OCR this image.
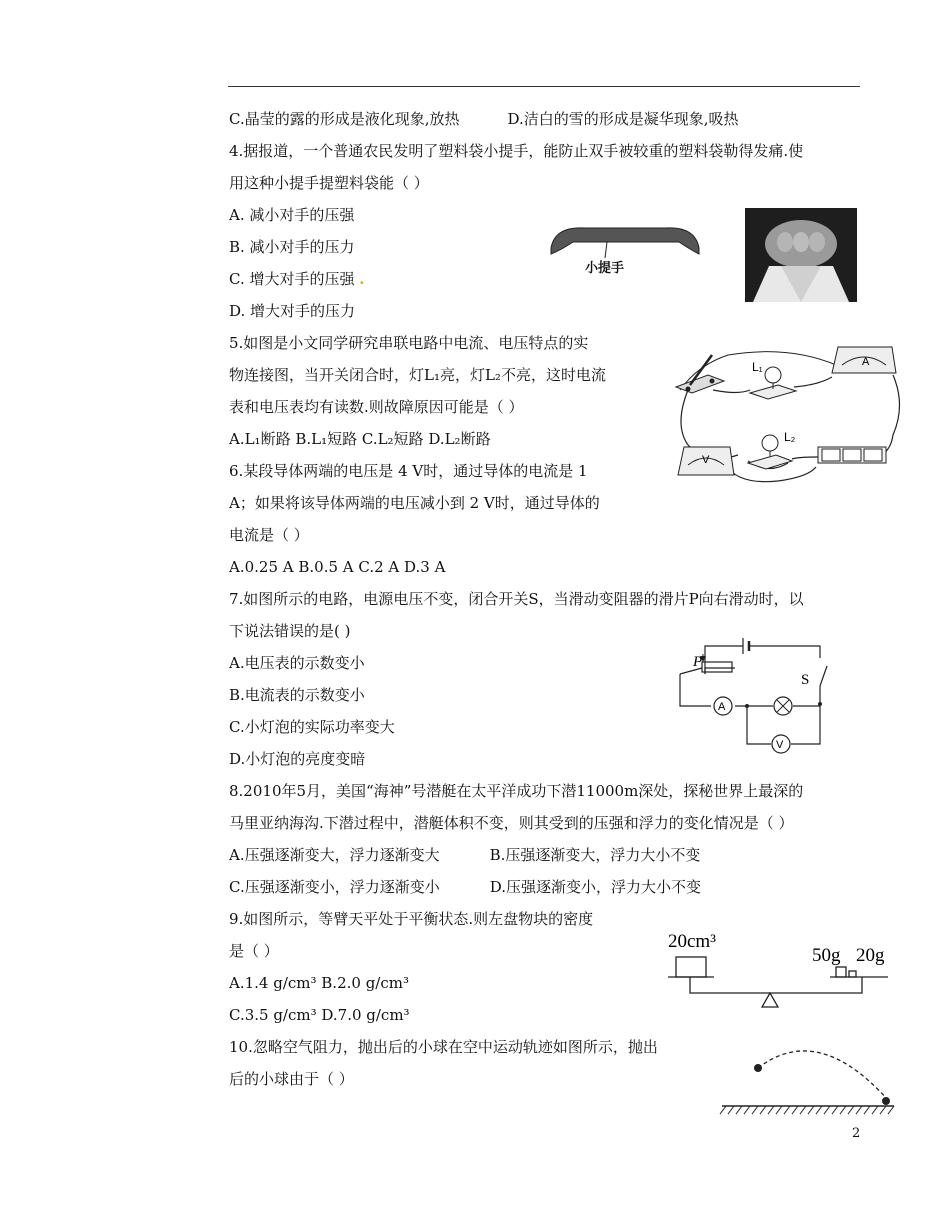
C.晶莹的露的形成是液化现象,放热	D.洁白的雪的形成是凝华现象,吸热
4.据报道，一个普通农民发明了塑料袋小提手，能防止双手被较重的塑料袋勒得发痛.使
用这种小提手提塑料袋能（ ）
A. 减小对手的压强
B. 减小对手的压力
C. 增大对手的压强 .
D. 增大对手的压力
5.如图是小文同学研究串联电路中电流、电压特点的实
物连接图，当开关闭合时，灯L₁亮，灯L₂不亮，这时电流
表和电压表均有读数.则故障原因可能是（ ）
A.L₁断路 B.L₁短路 C.L₂短路 D.L₂断路
6.某段导体两端的电压是 4 V时，通过导体的电流是 1
A；如果将该导体两端的电压减小到 2 V时，通过导体的
电流是（ ）
A.0.25 A B.0.5 A C.2 A D.3 A
7.如图所示的电路，电源电压不变，闭合开关S，当滑动变阻器的滑片P向右滑动时，以
下说法错误的是( )
A.电压表的示数变小
B.电流表的示数变小
C.小灯泡的实际功率变大
D.小灯泡的亮度变暗
8.2010年5月，美国“海神”号潜艇在太平洋成功下潜11000m深处，探秘世界上最深的
马里亚纳海沟.下潜过程中，潜艇体积不变，则其受到的压强和浮力的变化情况是（ ）
A.压强逐渐变大，浮力逐渐变大	B.压强逐渐变大，浮力大小不变
C.压强逐渐变小，浮力逐渐变小	D.压强逐渐变小，浮力大小不变
9.如图所示，等臂天平处于平衡状态.则左盘物块的密度
是（ ）
A.1.4 g/cm³ B.2.0 g/cm³
C.3.5 g/cm³ D.7.0 g/cm³
10.忽略空气阻力，抛出后的小球在空中运动轨迹如图所示，抛出
后的小球由于（ ）
2
小提手
L₁	A
V
L₂
A
V
P
S
20cm³
50g 20g
